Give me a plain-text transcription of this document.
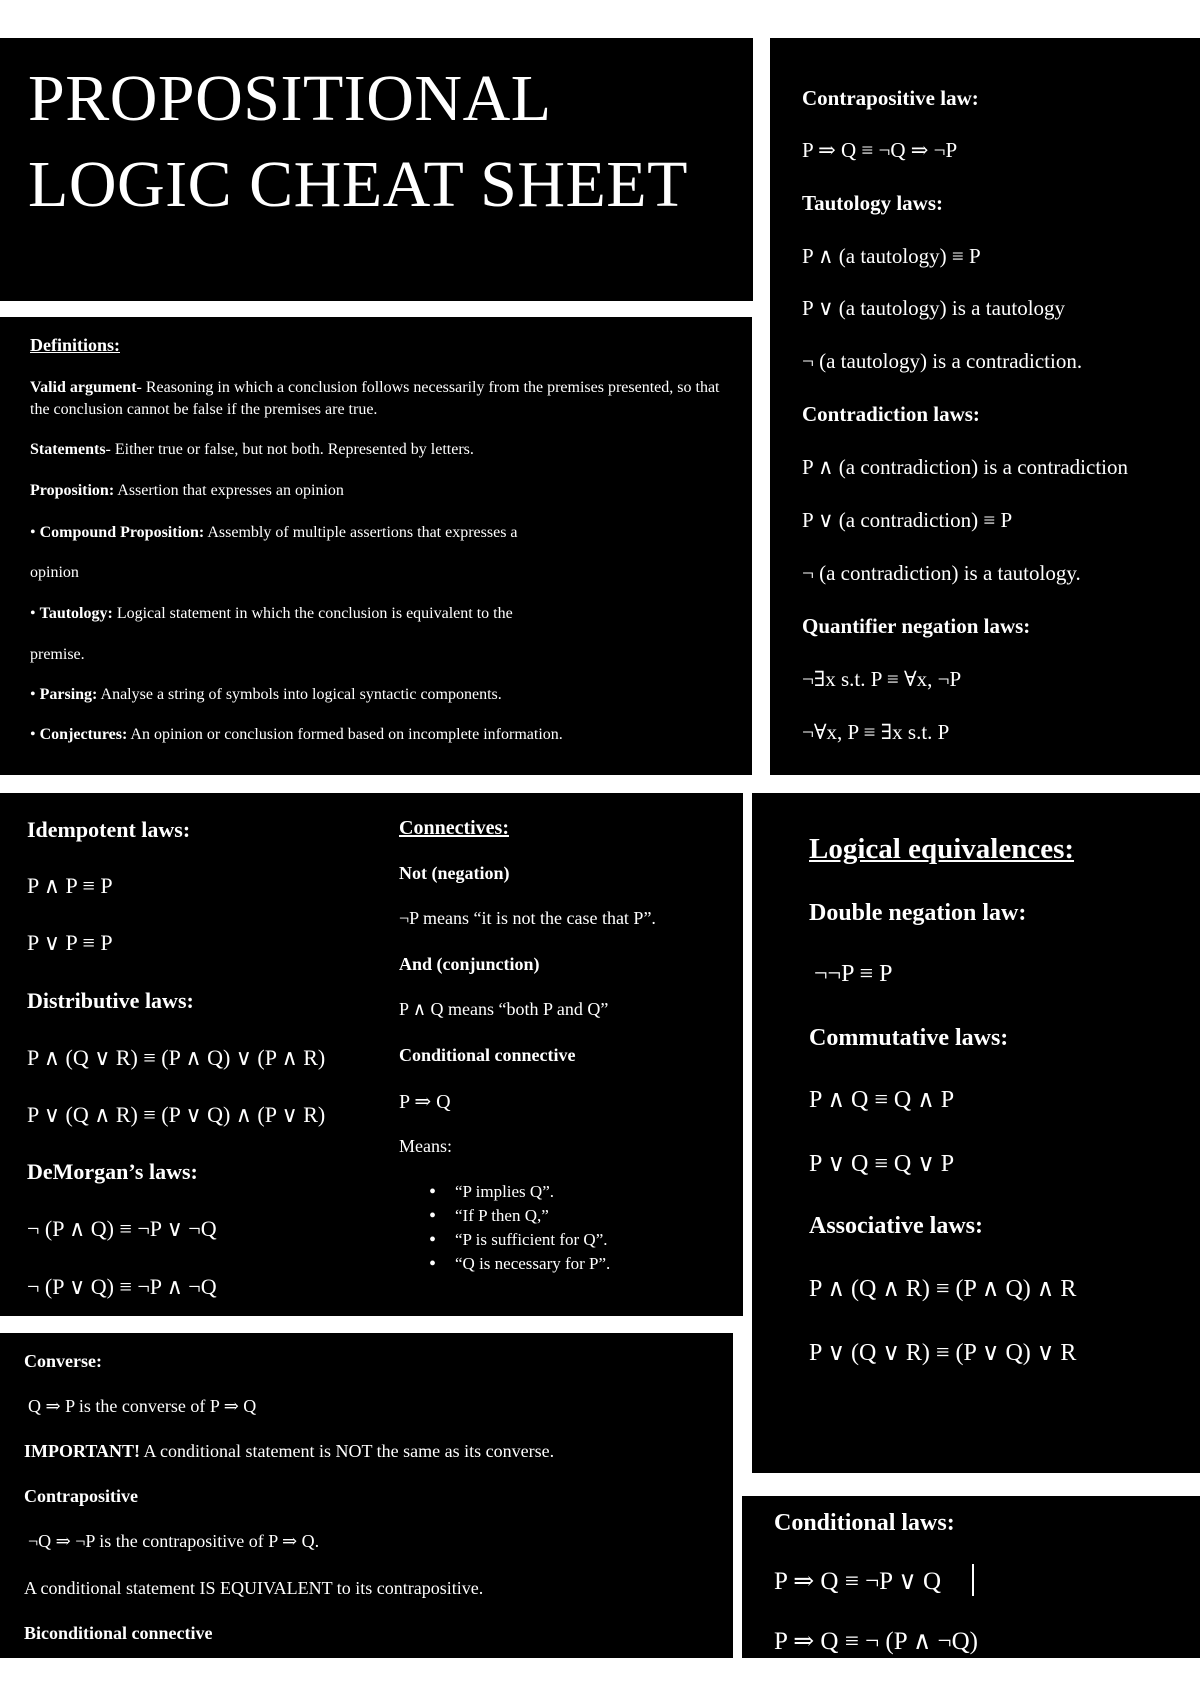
PROPOSITIONAL
LOGIC CHEAT SHEET
Definitions:
Valid argument- Reasoning in which a conclusion follows necessarily from the premises presented, so that the conclusion cannot be false if the premises are true.
Statements- Either true or false, but not both. Represented by letters.
Proposition: Assertion that expresses an opinion
• Compound Proposition: Assembly of multiple assertions that expresses a
opinion
• Tautology: Logical statement in which the conclusion is equivalent to the
premise.
• Parsing: Analyse a string of symbols into logical syntactic components.
• Conjectures: An opinion or conclusion formed based on incomplete information.
Contrapositive law:
P ⇒ Q ≡ ¬Q ⇒ ¬P
Tautology laws:
P ∧ (a tautology) ≡ P
P ∨ (a tautology) is a tautology
¬ (a tautology) is a contradiction.
Contradiction laws:
P ∧ (a contradiction) is a contradiction
P ∨ (a contradiction) ≡ P
¬ (a contradiction) is a tautology.
Quantifier negation laws:
¬∃x s.t. P ≡ ∀x, ¬P
¬∀x, P ≡ ∃x s.t. P
Idempotent laws:
P ∧ P ≡ P
P ∨ P ≡ P
Distributive laws:
P ∧ (Q ∨ R) ≡ (P ∧ Q) ∨ (P ∧ R)
P ∨ (Q ∧ R) ≡ (P ∨ Q) ∧ (P ∨ R)
DeMorgan’s laws:
¬ (P ∧ Q) ≡ ¬P ∨ ¬Q
¬ (P ∨ Q) ≡ ¬P ∧ ¬Q
Connectives:
Not (negation)
¬P means “it is not the case that P”.
And (conjunction)
P ∧ Q means “both P and Q”
Conditional connective
P ⇒ Q
Means:
• “P implies Q”.
• “If P then Q,”
• “P is sufficient for Q”.
• “Q is necessary for P”.
Logical equivalences:
Double negation law:
¬¬P ≡ P
Commutative laws:
P ∧ Q ≡ Q ∧ P
P ∨ Q ≡ Q ∨ P
Associative laws:
P ∧ (Q ∧ R) ≡ (P ∧ Q) ∧ R
P ∨ (Q ∨ R) ≡ (P ∨ Q) ∨ R
Converse:
Q ⇒ P is the converse of P ⇒ Q
IMPORTANT! A conditional statement is NOT the same as its converse.
Contrapositive
¬Q ⇒ ¬P is the contrapositive of P ⇒ Q.
A conditional statement IS EQUIVALENT to its contrapositive.
Biconditional connective
Conditional laws:
P ⇒ Q ≡ ¬P ∨ Q
P ⇒ Q ≡ ¬ (P ∧ ¬Q)
